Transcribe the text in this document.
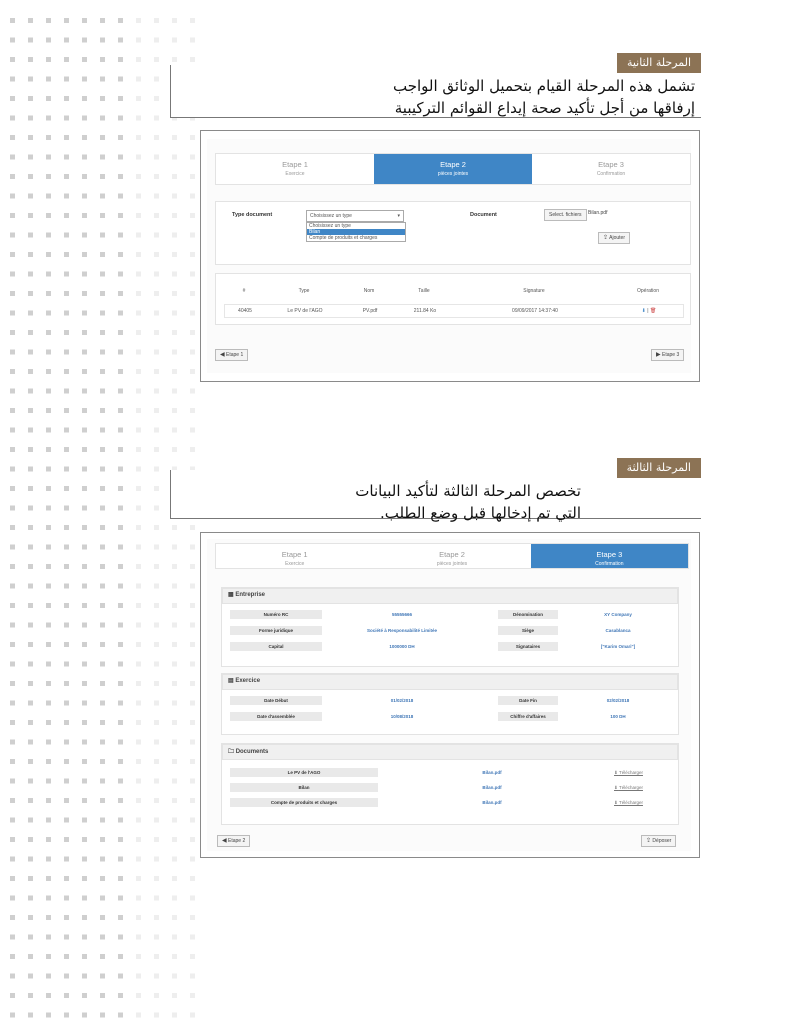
المرحلة الثانية
تشمل هذه المرحلة القيام بتحميل الوثائق الواجب
إرفاقها من أجل تأكيد صحة إيداع القوائم التركيبية
Etape 1
Exercice
Etape 2
pièces jointes
Etape 3
Confirmation
Type document	Choisissez un type	▾
Choisissez un type
Bilan
Compte de produits et charges
Document	Select. fichiers	Bilan.pdf
⇪ Ajouter
#	Type	Nom	Taille	Signature	Opération
40405	Le PV de l'AGO	PV.pdf	211.84 Ko	09/09/2017 14:37:40	⬇ | 🗑
◀ Etape 1	▶ Etape 3
المرحلة الثالثة
تخصص المرحلة الثالثة لتأكيد البيانات
التي تم إدخالها قبل وضع الطلب.
Etape 1
Exercice
Etape 2
pièces jointes
Etape 3
Confirmation
▦ Entreprise
Numéro RC	55555666	Dénomination	XY Company
Forme juridique	Société à Responsabilité Limitée	Siège	Casablanca
Capital	1000000 DH	Signataires	["Karim Omari"]
▤ Exercice
Date Début	01/02/2018	Date Fin	02/02/2018
Date d'assemblée	10/08/2018	Chiffre d'affaires	100 DH
🗀 Documents
Le PV de l'AGO	Bilan.pdf	⬇ Télécharger
Bilan	Bilan.pdf	⬇ Télécharger
Compte de produits et charges	Bilan.pdf	⬇ Télécharger
◀ Etape 2	⇪ Déposer
